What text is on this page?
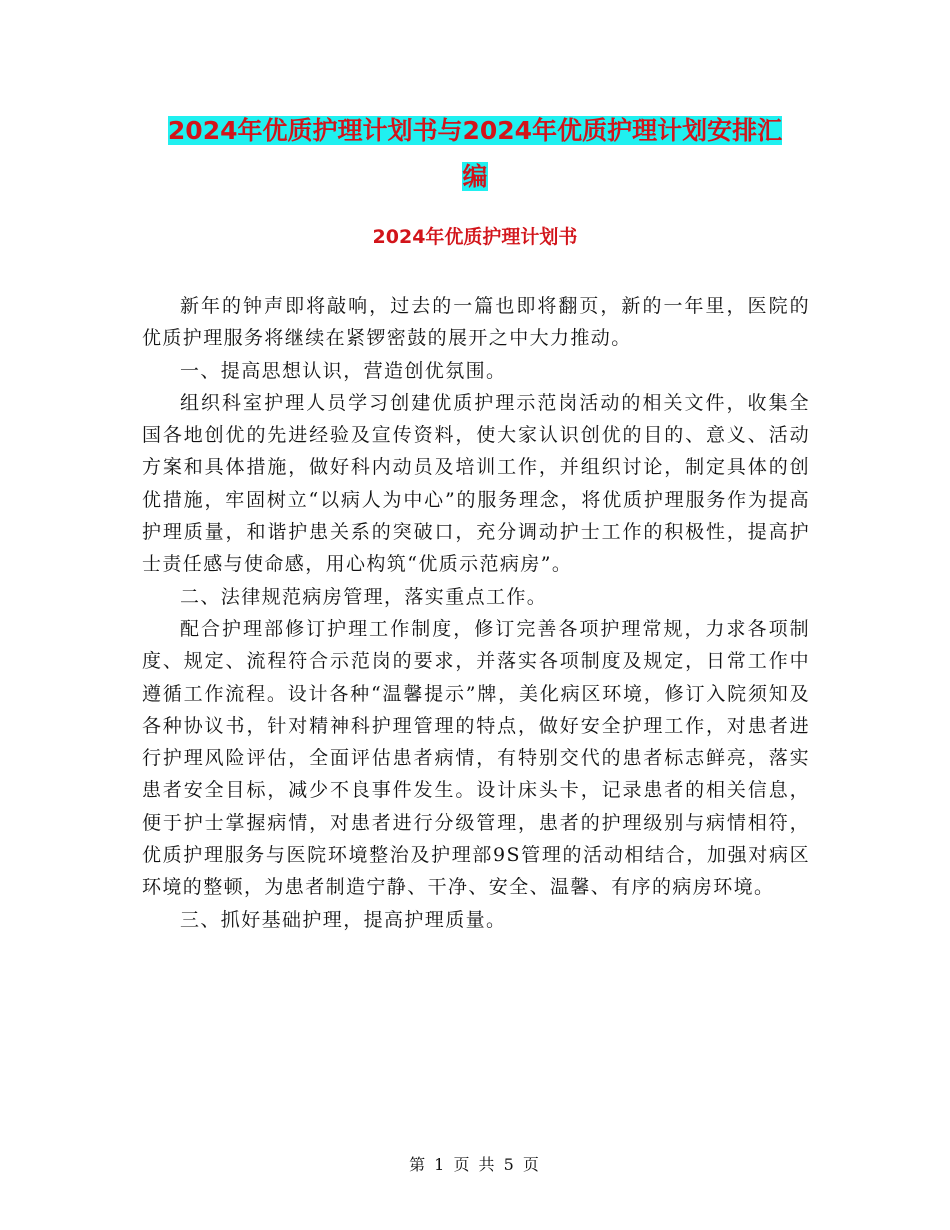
2024年优质护理计划书与2024年优质护理计划安排汇
编
2024年优质护理计划书

新年的钟声即将敲响，过去的一篇也即将翻页，新的一年里，医院的优质护理服务将继续在紧锣密鼓的展开之中大力推动。

一、提高思想认识，营造创优氛围。

组织科室护理人员学习创建优质护理示范岗活动的相关文件，收集全国各地创优的先进经验及宣传资料，使大家认识创优的目的、意义、活动方案和具体措施，做好科内动员及培训工作，并组织讨论，制定具体的创优措施，牢固树立“以病人为中心”的服务理念，将优质护理服务作为提高护理质量，和谐护患关系的突破口，充分调动护士工作的积极性，提高护士责任感与使命感，用心构筑“优质示范病房”。

二、法律规范病房管理，落实重点工作。

配合护理部修订护理工作制度，修订完善各项护理常规，力求各项制度、规定、流程符合示范岗的要求，并落实各项制度及规定，日常工作中遵循工作流程。设计各种“温馨提示”牌，美化病区环境，修订入院须知及各种协议书，针对精神科护理管理的特点，做好安全护理工作，对患者进行护理风险评估，全面评估患者病情，有特别交代的患者标志鲜亮，落实患者安全目标，减少不良事件发生。设计床头卡，记录患者的相关信息，便于护士掌握病情，对患者进行分级管理，患者的护理级别与病情相符，优质护理服务与医院环境整治及护理部9S管理的活动相结合，加强对病区环境的整顿，为患者制造宁静、干净、安全、温馨、有序的病房环境。

三、抓好基础护理，提高护理质量。

第 1 页 共 5 页
